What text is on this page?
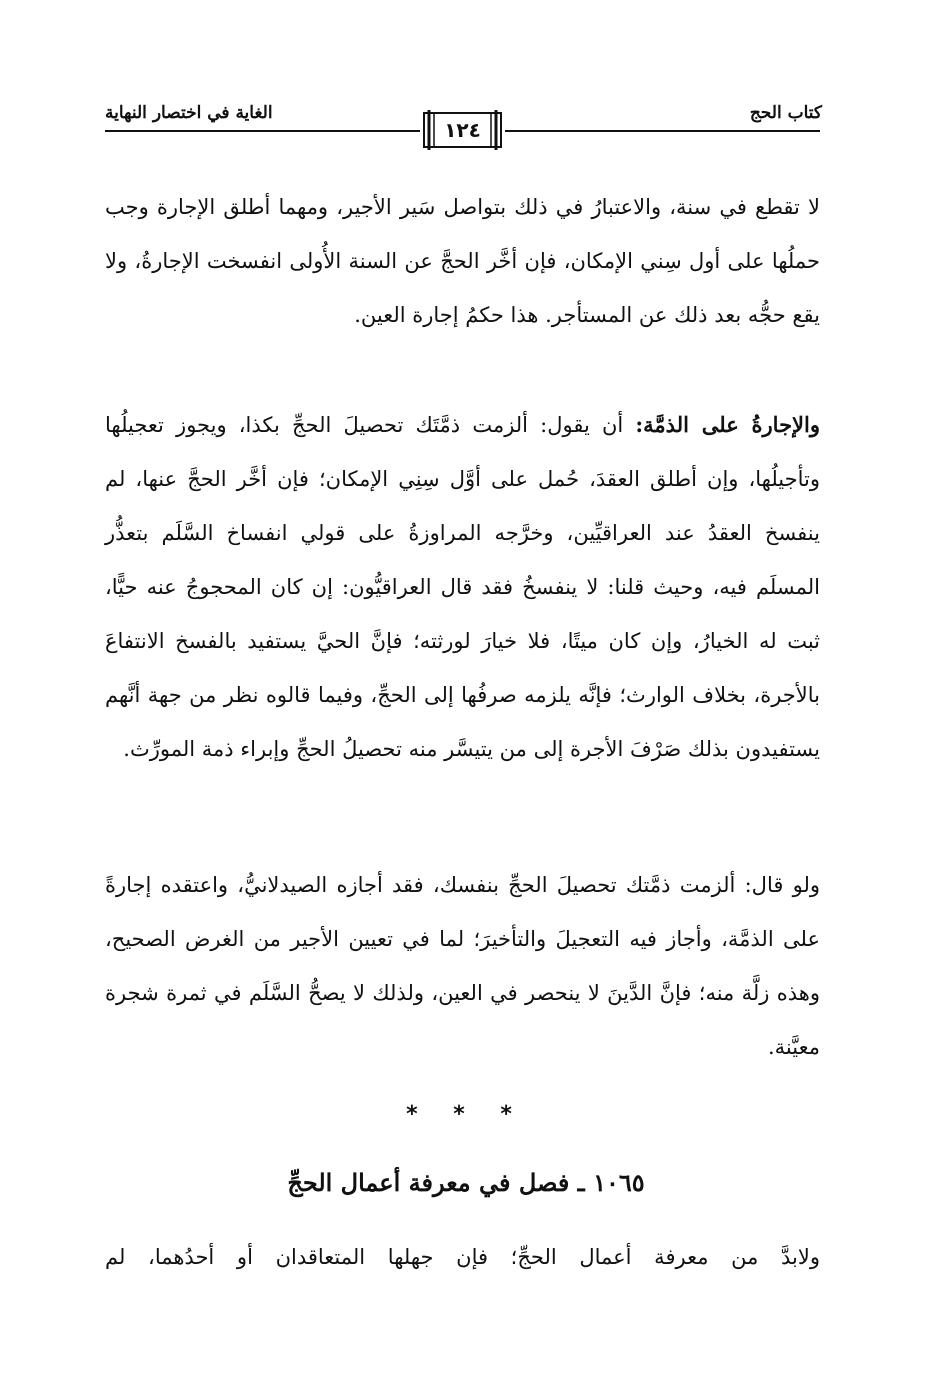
كتاب الحج
الغاية في اختصار النهاية
١٢٤
لا تقطع في سنة، والاعتبارُ في ذلك بتواصل سَير الأجير، ومهما أطلق الإجارة وجب حملُها على أول سِني الإمكان، فإن أخَّر الحجَّ عن السنة الأُولى انفسخت الإجارةُ، ولا يقع حجُّه بعد ذلك عن المستأجر. هذا حكمُ إجارة العين.
والإجارةُ على الذمَّة: أن يقول: ألزمت ذمَّتَك تحصيلَ الحجِّ بكذا، ويجوز تعجيلُها وتأجيلُها، وإن أطلق العقدَ، حُمل على أوَّل سِنِي الإمكان؛ فإن أخَّر الحجَّ عنها، لم ينفسخ العقدُ عند العراقيِّين، وخرَّجه المراوزةُ على قولي انفساخ السَّلَم بتعذُّر المسلَم فيه، وحيث قلنا: لا ينفسخُ فقد قال العراقيُّون: إن كان المحجوجُ عنه حيًّا، ثبت له الخيارُ، وإن كان ميتًا، فلا خيارَ لورثته؛ فإنَّ الحيَّ يستفيد بالفسخ الانتفاعَ بالأجرة، بخلاف الوارث؛ فإنَّه يلزمه صرفُها إلى الحجِّ، وفيما قالوه نظر من جهة أنَّهم يستفيدون بذلك صَرْفَ الأجرة إلى من يتيسَّر منه تحصيلُ الحجِّ وإبراء ذمة المورِّث.
ولو قال: ألزمت ذمَّتك تحصيلَ الحجِّ بنفسك، فقد أجازه الصيدلانيُّ، واعتقده إجارةً على الذمَّة، وأجاز فيه التعجيلَ والتأخيرَ؛ لما في تعيين الأجير من الغرض الصحيح، وهذه زلَّة منه؛ فإنَّ الدَّينَ لا ينحصر في العين، ولذلك لا يصحُّ السَّلَم في ثمرة شجرة معيَّنة.
* * *
١٠٦٥ ـ فصل في معرفة أعمال الحجِّ
ولابدَّ من معرفة أعمال الحجِّ؛ فإن جهلها المتعاقدان أو أحدُهما، لم
